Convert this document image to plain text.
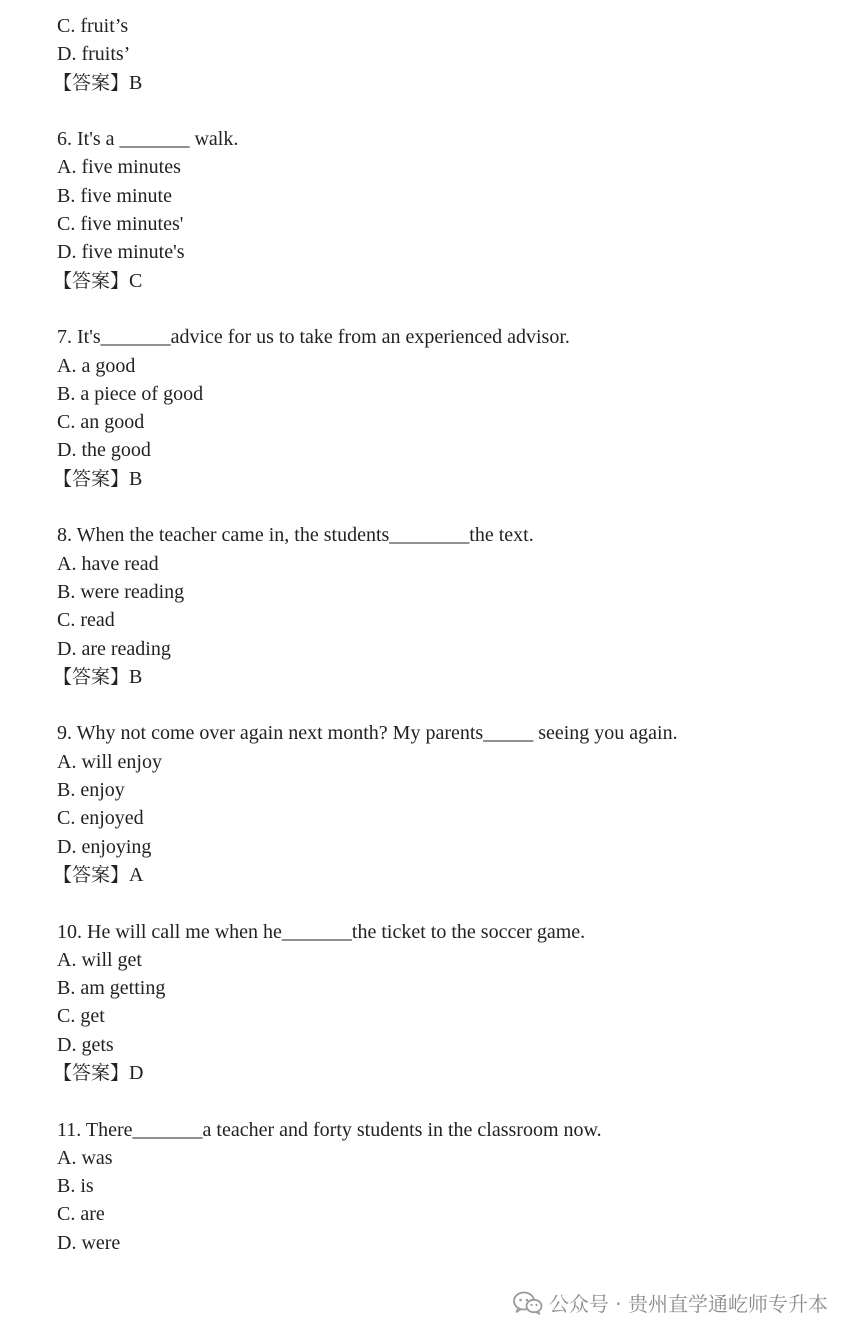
C. fruit’s
D. fruits’
【答案】B
6. It's a _______ walk.
A. five minutes
B. five minute
C. five minutes'
D. five minute's
【答案】C
7. It's_______advice for us to take from an experienced advisor.
A. a good
B. a piece of good
C. an good
D. the good
【答案】B
8. When the teacher came in, the students________the text.
A. have read
B. were reading
C. read
D. are reading
【答案】B
9. Why not come over again next month? My parents_____ seeing you again.
A. will enjoy
B. enjoy
C. enjoyed
D. enjoying
【答案】A
10. He will call me when he_______the ticket to the soccer game.
A. will get
B. am getting
C. get
D. gets
【答案】D
11. There_______a teacher and forty students in the classroom now.
A. was
B. is
C. are
D. were
公众号 · 贵州直学通屹师专升本
